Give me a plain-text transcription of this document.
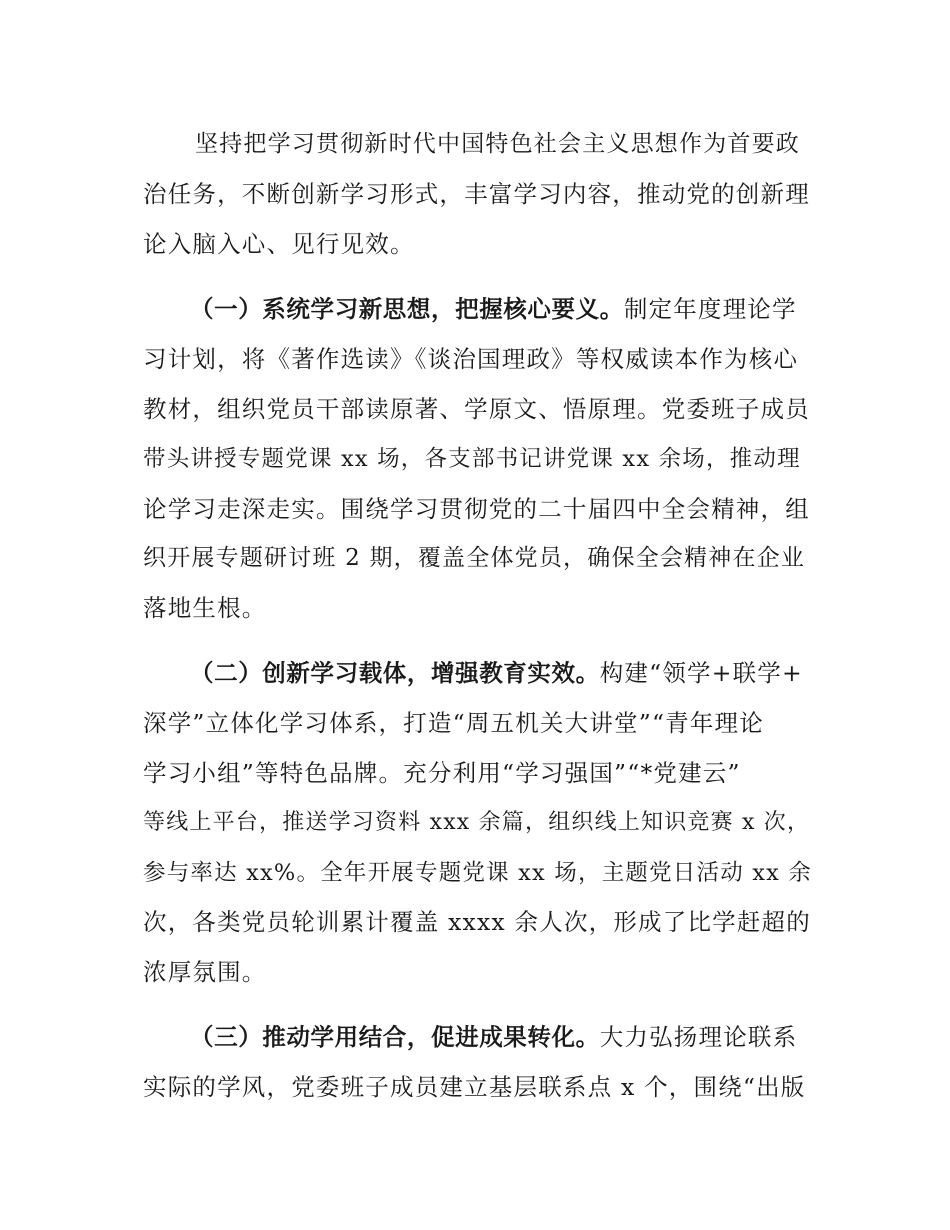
坚持把学习贯彻新时代中国特色社会主义思想作为首要政
治任务，不断创新学习形式，丰富学习内容，推动党的创新理
论入脑入心、见行见效。
（一）系统学习新思想，把握核心要义。制定年度理论学
习计划，将《著作选读》《谈治国理政》等权威读本作为核心
教材，组织党员干部读原著、学原文、悟原理。党委班子成员
带头讲授专题党课 xx 场，各支部书记讲党课 xx 余场，推动理
论学习走深走实。围绕学习贯彻党的二十届四中全会精神，组
织开展专题研讨班 2 期，覆盖全体党员，确保全会精神在企业
落地生根。
（二）创新学习载体，增强教育实效。构建“领学+联学+
深学”立体化学习体系，打造“周五机关大讲堂”“青年理论
学习小组”等特色品牌。充分利用“学习强国”“*党建云”
等线上平台，推送学习资料 xxx 余篇，组织线上知识竞赛 x 次，
参与率达 xx%。全年开展专题党课 xx 场，主题党日活动 xx 余
次，各类党员轮训累计覆盖 xxxx 余人次，形成了比学赶超的
浓厚氛围。
（三）推动学用结合，促进成果转化。大力弘扬理论联系
实际的学风，党委班子成员建立基层联系点 x 个，围绕“出版
